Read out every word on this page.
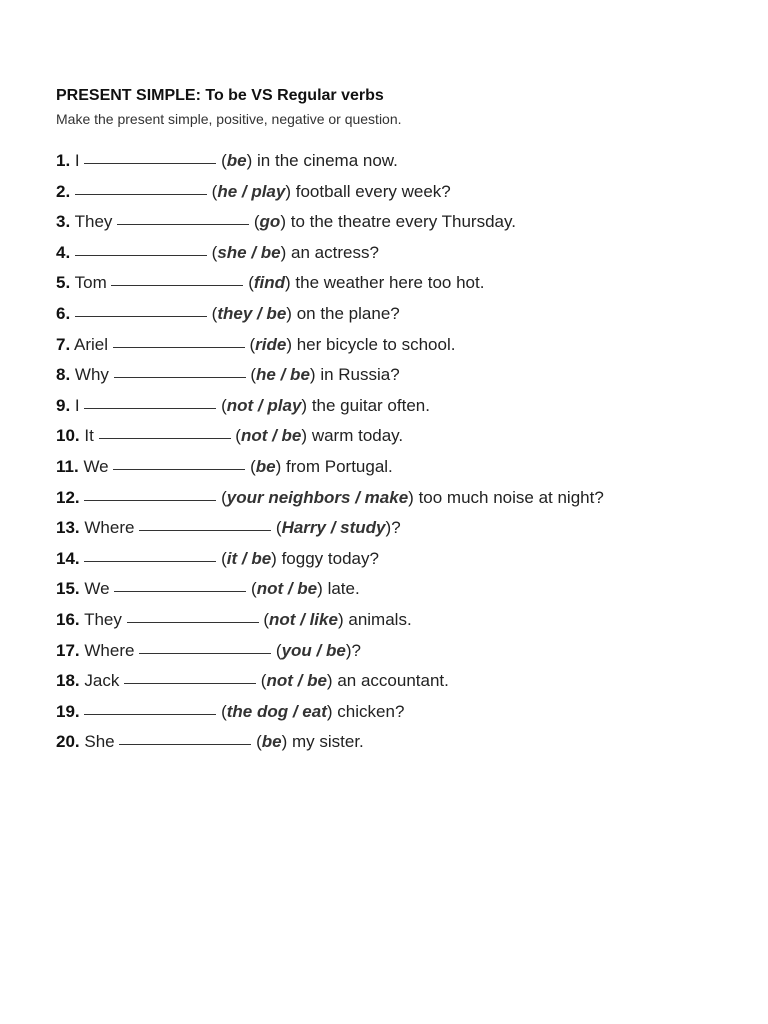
PRESENT SIMPLE: To be VS Regular verbs

Make the present simple, positive, negative or question.

1. I	(be) in the cinema now.
2.	(he / play) football every week?
3. They	(go) to the theatre every Thursday.
4.	(she / be) an actress?
5. Tom	(find) the weather here too hot.
6.	(they / be) on the plane?
7. Ariel	(ride) her bicycle to school.
8. Why	(he / be) in Russia?
9. I	(not / play) the guitar often.
10. It	(not / be) warm today.
11. We	(be) from Portugal.
12.	(your neighbors / make) too much noise at night?
13. Where	(Harry / study)?
14.	(it / be) foggy today?
15. We	(not / be) late.
16. They	(not / like) animals.
17. Where	(you / be)?
18. Jack	(not / be) an accountant.
19.	(the dog / eat) chicken?
20. She	(be) my sister.
